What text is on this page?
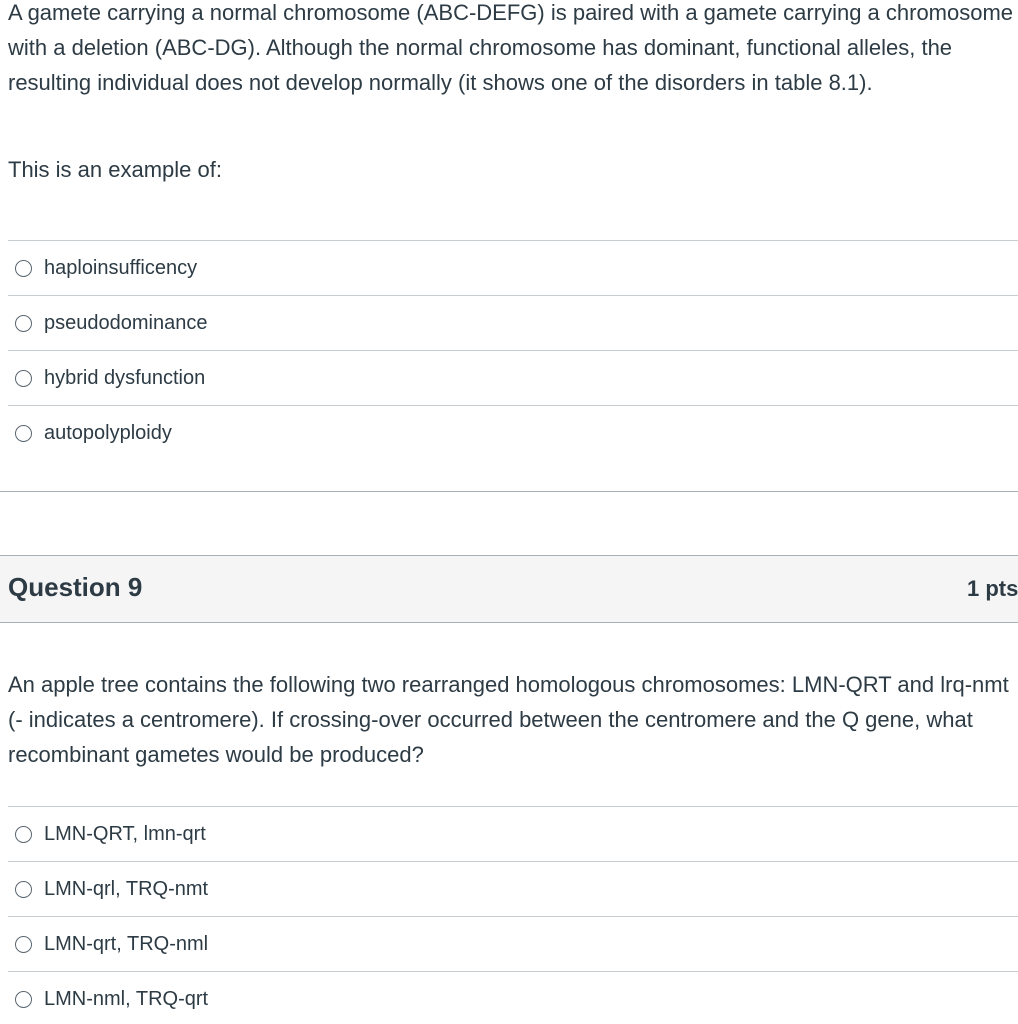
A gamete carrying a normal chromosome (ABC-DEFG) is paired with a gamete carrying a chromosome with a deletion (ABC-DG). Although the normal chromosome has dominant, functional alleles, the resulting individual does not develop normally (it shows one of the disorders in table 8.1).

This is an example of:

haploinsufficency
pseudodominance
hybrid dysfunction
autopolyploidy
Question 9	1 pts

An apple tree contains the following two rearranged homologous chromosomes: LMN-QRT and lrq-nmt (- indicates a centromere). If crossing-over occurred between the centromere and the Q gene, what recombinant gametes would be produced?

LMN-QRT, lmn-qrt
LMN-qrl, TRQ-nmt
LMN-qrt, TRQ-nml
LMN-nml, TRQ-qrt
